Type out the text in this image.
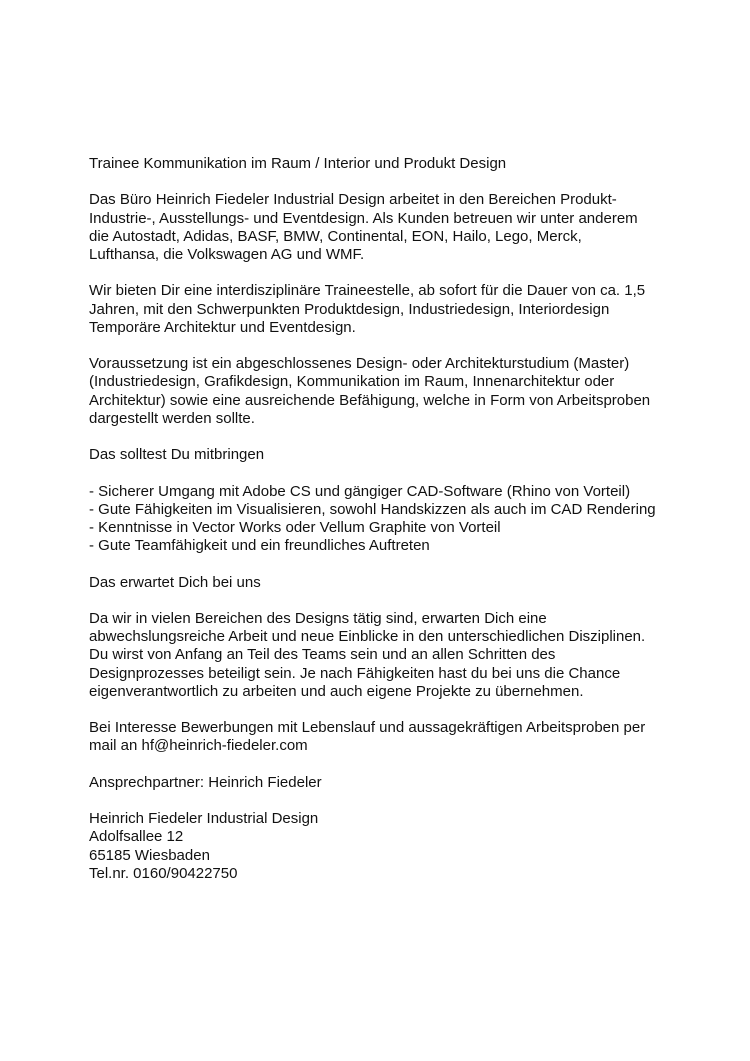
Trainee Kommunikation im Raum / Interior und Produkt Design
Das Büro Heinrich Fiedeler Industrial Design arbeitet in den Bereichen Produkt-
Industrie-, Ausstellungs- und Eventdesign. Als Kunden betreuen wir unter anderem
die Autostadt, Adidas, BASF, BMW, Continental, EON, Hailo, Lego, Merck,
Lufthansa, die Volkswagen AG und WMF.
Wir bieten Dir eine interdisziplinäre Traineestelle, ab sofort für die Dauer von ca. 1,5
Jahren, mit den Schwerpunkten Produktdesign, Industriedesign, Interiordesign
Temporäre Architektur und Eventdesign.
Voraussetzung ist ein abgeschlossenes Design- oder Architekturstudium (Master)
(Industriedesign, Grafikdesign, Kommunikation im Raum, Innenarchitektur oder
Architektur) sowie eine ausreichende Befähigung, welche in Form von Arbeitsproben
dargestellt werden sollte.
Das solltest Du mitbringen
- Sicherer Umgang mit Adobe CS und gängiger CAD-Software (Rhino von Vorteil)
- Gute Fähigkeiten im Visualisieren, sowohl Handskizzen als auch im CAD Rendering
- Kenntnisse in Vector Works oder Vellum Graphite von Vorteil
- Gute Teamfähigkeit und ein freundliches Auftreten
Das erwartet Dich bei uns
Da wir in vielen Bereichen des Designs tätig sind, erwarten Dich eine
abwechslungsreiche Arbeit und neue Einblicke in den unterschiedlichen Disziplinen.
Du wirst von Anfang an Teil des Teams sein und an allen Schritten des
Designprozesses beteiligt sein. Je nach Fähigkeiten hast du bei uns die Chance
eigenverantwortlich zu arbeiten und auch eigene Projekte zu übernehmen.
Bei Interesse Bewerbungen mit Lebenslauf und aussagekräftigen Arbeitsproben per
mail an hf@heinrich-fiedeler.com
Ansprechpartner: Heinrich Fiedeler
Heinrich Fiedeler Industrial Design
Adolfsallee 12
65185 Wiesbaden
Tel.nr. 0160/90422750
